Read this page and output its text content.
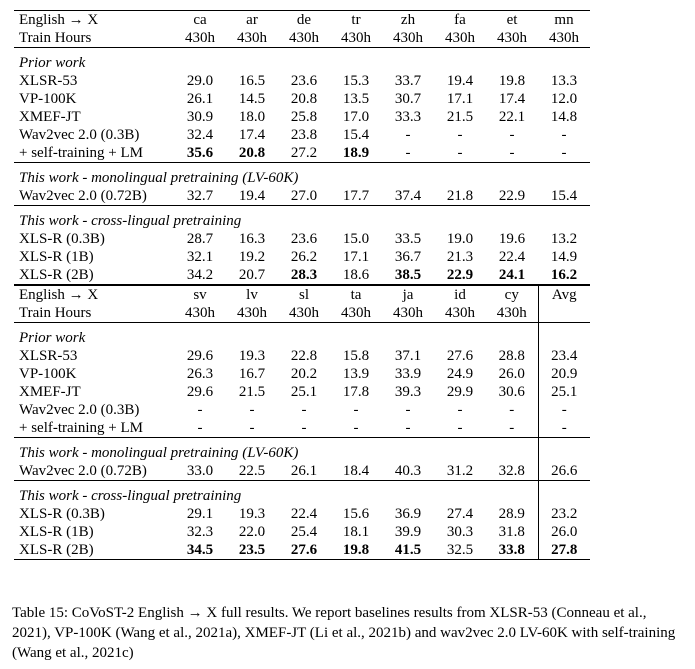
English → X	ca	ar	de	tr	zh	fa	et	mn
Train Hours	430h	430h	430h	430h	430h	430h	430h	430h

Prior work								
XLSR-53	29.0	16.5	23.6	15.3	33.7	19.4	19.8	13.3
VP-100K	26.1	14.5	20.8	13.5	30.7	17.1	17.4	12.0
XMEF-JT	30.9	18.0	25.8	17.0	33.3	21.5	22.1	14.8
Wav2vec 2.0 (0.3B)	32.4	17.4	23.8	15.4	-	-	-	-
+ self-training + LM	35.6	20.8	27.2	18.9	-	-	-	-

This work - monolingual pretraining (LV-60K)								
Wav2vec 2.0 (0.72B)	32.7	19.4	27.0	17.7	37.4	21.8	22.9	15.4

This work - cross-lingual pretraining								
XLS-R (0.3B)	28.7	16.3	23.6	15.0	33.5	19.0	19.6	13.2
XLS-R (1B)	32.1	19.2	26.2	17.1	36.7	21.3	22.4	14.9
XLS-R (2B)	34.2	20.7	28.3	18.6	38.5	22.9	24.1	16.2
English → X	sv	lv	sl	ta	ja	id	cy	Avg
Train Hours	430h	430h	430h	430h	430h	430h	430h	

Prior work								
XLSR-53	29.6	19.3	22.8	15.8	37.1	27.6	28.8	23.4
VP-100K	26.3	16.7	20.2	13.9	33.9	24.9	26.0	20.9
XMEF-JT	29.6	21.5	25.1	17.8	39.3	29.9	30.6	25.1
Wav2vec 2.0 (0.3B)	-	-	-	-	-	-	-	-
+ self-training + LM	-	-	-	-	-	-	-	-

This work - monolingual pretraining (LV-60K)								
Wav2vec 2.0 (0.72B)	33.0	22.5	26.1	18.4	40.3	31.2	32.8	26.6

This work - cross-lingual pretraining								
XLS-R (0.3B)	29.1	19.3	22.4	15.6	36.9	27.4	28.9	23.2
XLS-R (1B)	32.3	22.0	25.4	18.1	39.9	30.3	31.8	26.0
XLS-R (2B)	34.5	23.5	27.6	19.8	41.5	32.5	33.8	27.8

Table 15: CoVoST-2 English → X full results. We report baselines results from XLSR-53 (Conneau et al., 2021), VP-100K (Wang et al., 2021a), XMEF-JT (Li et al., 2021b) and wav2vec 2.0 LV-60K with self-training (Wang et al., 2021c)
